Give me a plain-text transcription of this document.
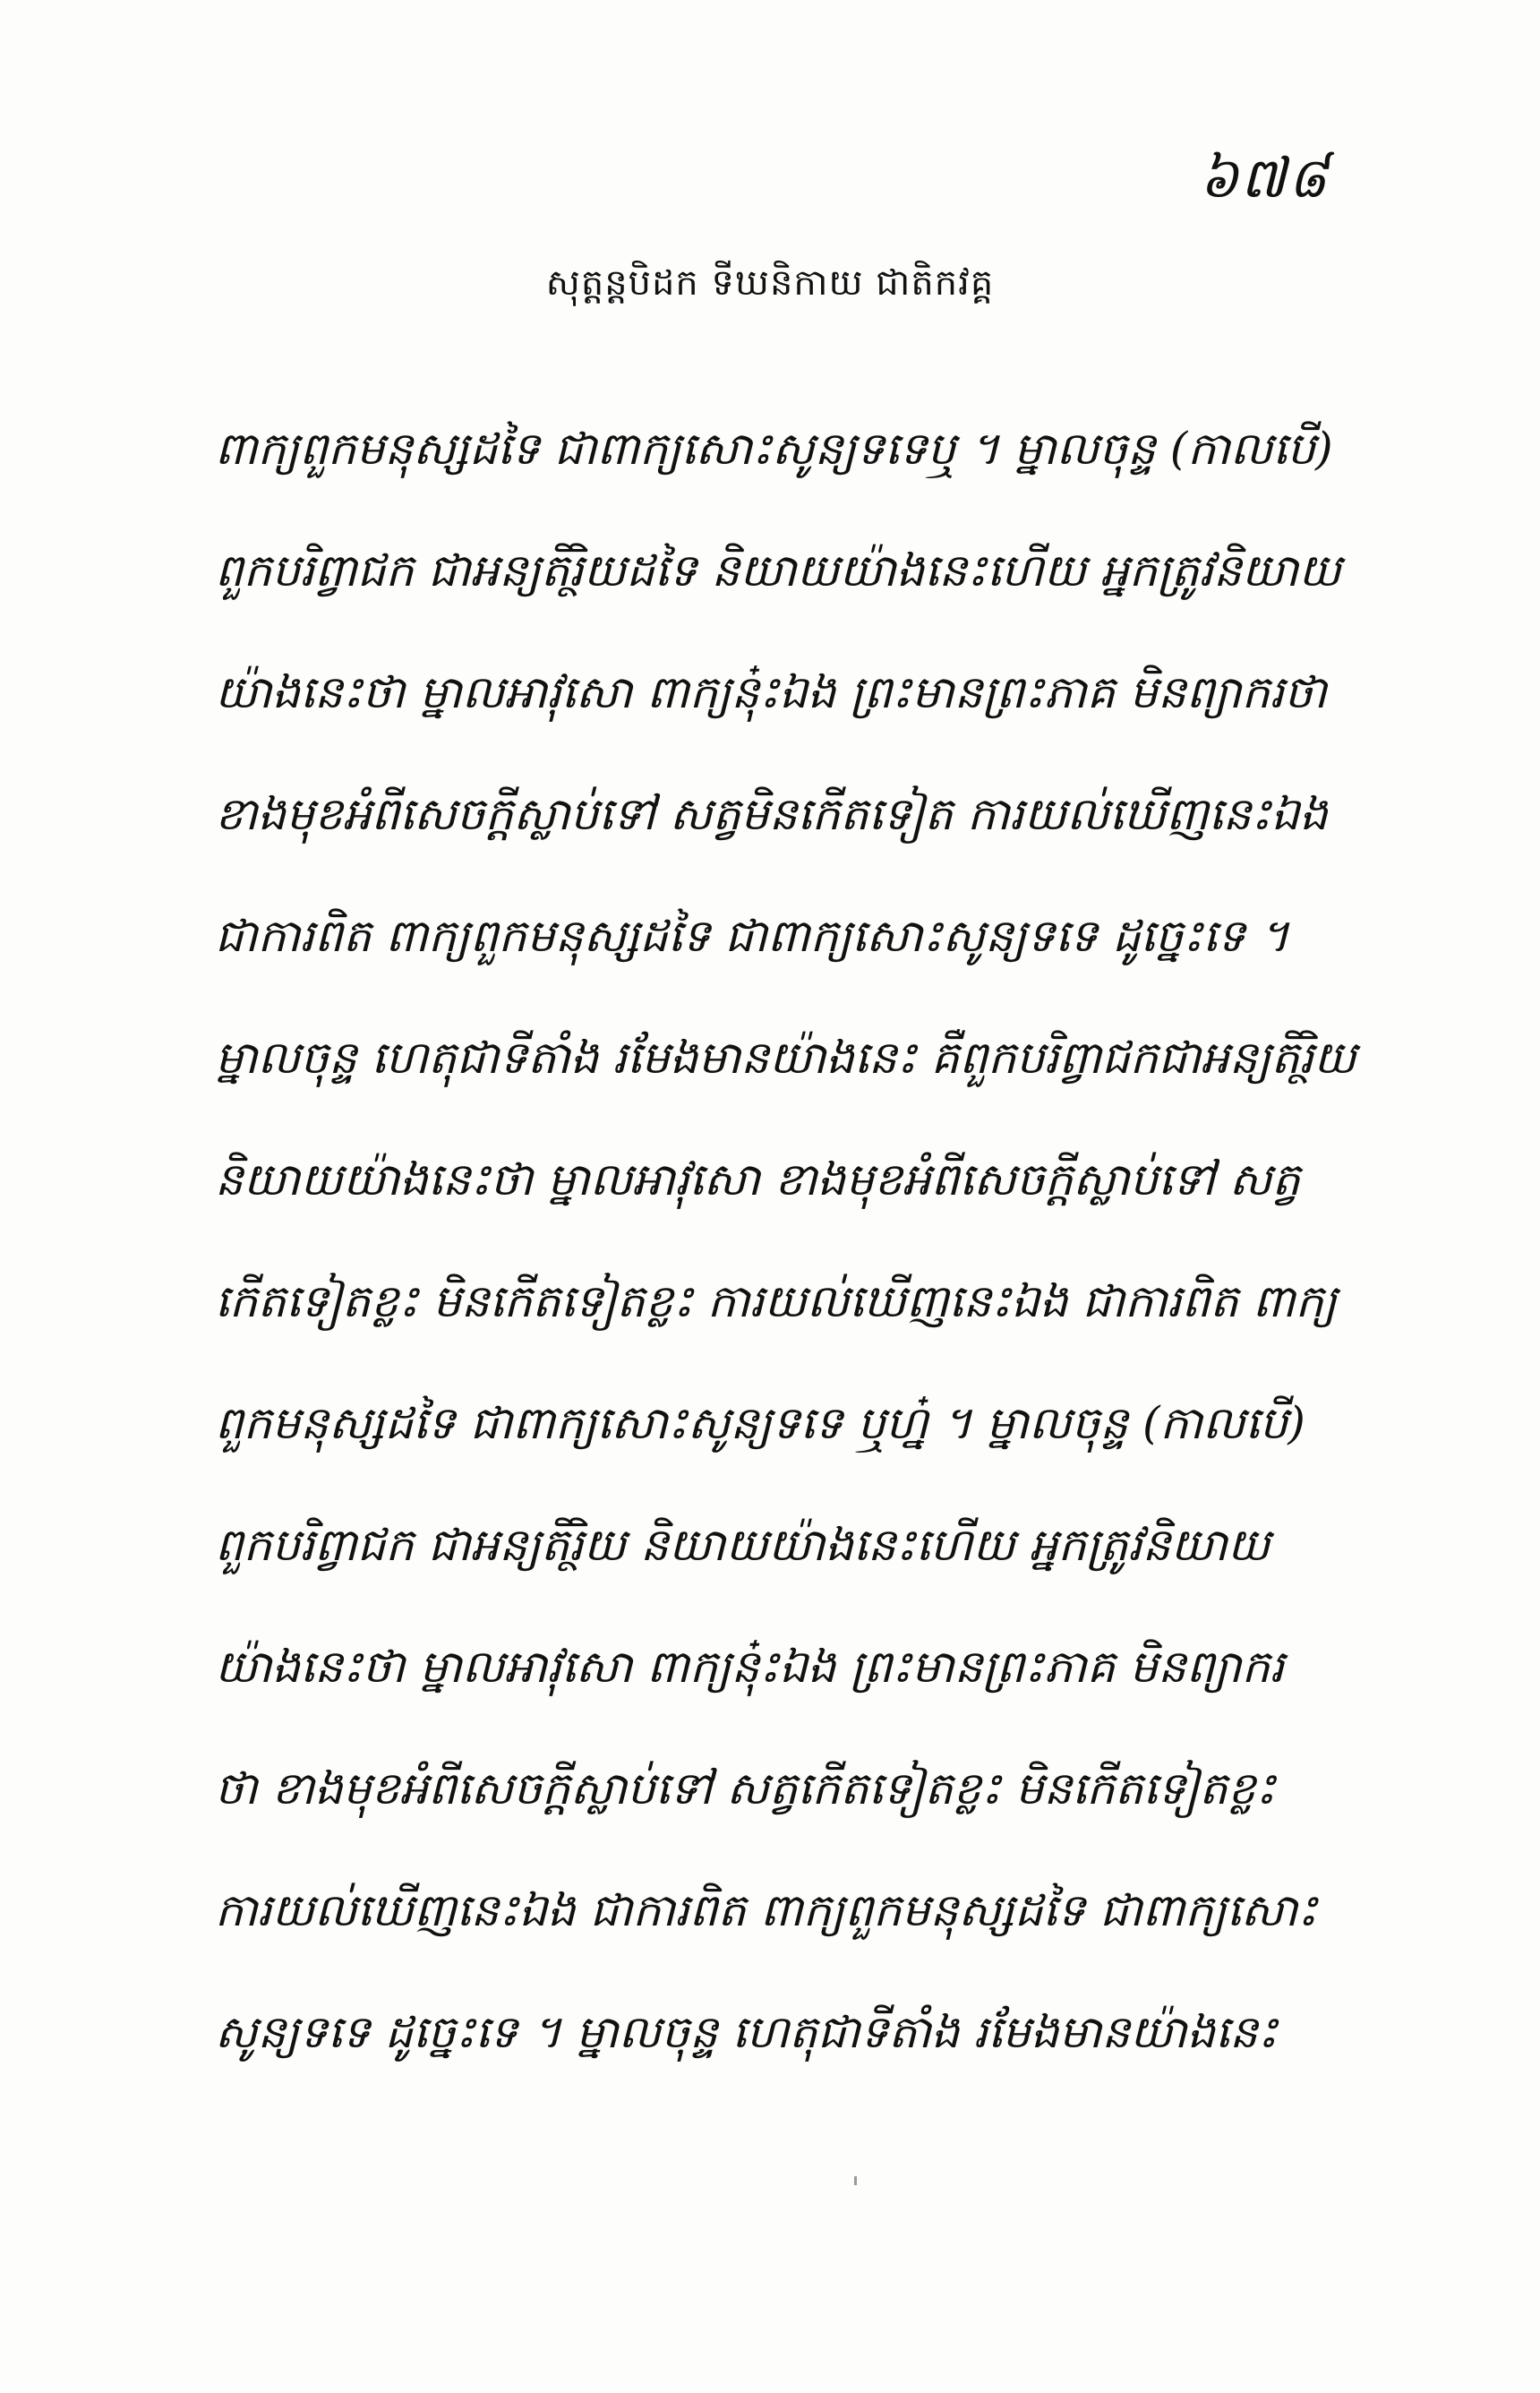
៦៧៨
សុត្តន្តបិដក ទីឃនិកាយ ជាតិកវគ្គ
ពាក្យពួកមនុស្សដទៃ ជាពាក្យសោះសូន្យទទេឬ ។ ម្នាលចុន្ទ (កាលបើ)
ពួកបរិព្វាជក ជាអន្យតិរ្ថិយដទៃ និយាយយ៉ាងនេះហើយ អ្នកត្រូវនិយាយ
យ៉ាងនេះថា ម្នាលអាវុសោ ពាក្យនុ៎ះឯង ព្រះមានព្រះភាគ មិនព្យាករថា
ខាងមុខអំពីសេចក្តីស្លាប់ទៅ សត្វមិនកើតទៀត ការយល់ឃើញនេះឯង
ជាការពិត ពាក្យពួកមនុស្សដទៃ ជាពាក្យសោះសូន្យទទេ ដូច្នេះទេ ។
ម្នាលចុន្ទ ហេតុជាទីតាំង រមែងមានយ៉ាងនេះ គឺពួកបរិព្វាជកជាអន្យតិរ្ថិយ
និយាយយ៉ាងនេះថា ម្នាលអាវុសោ ខាងមុខអំពីសេចក្តីស្លាប់ទៅ សត្វ
កើតទៀតខ្លះ មិនកើតទៀតខ្លះ ការយល់ឃើញនេះឯង ជាការពិត ពាក្យ
ពួកមនុស្សដទៃ ជាពាក្យសោះសូន្យទទេ ឬហ្ន៎ ។ ម្នាលចុន្ទ (កាលបើ)
ពួកបរិព្វាជក ជាអន្យតិរ្ថិយ និយាយយ៉ាងនេះហើយ អ្នកត្រូវនិយាយ
យ៉ាងនេះថា ម្នាលអាវុសោ ពាក្យនុ៎ះឯង ព្រះមានព្រះភាគ មិនព្យាករ
ថា ខាងមុខអំពីសេចក្តីស្លាប់ទៅ សត្វកើតទៀតខ្លះ មិនកើតទៀតខ្លះ
ការយល់ឃើញនេះឯង ជាការពិត ពាក្យពួកមនុស្សដទៃ ជាពាក្យសោះ
សូន្យទទេ ដូច្នេះទេ ។ ម្នាលចុន្ទ ហេតុជាទីតាំង រមែងមានយ៉ាងនេះ
